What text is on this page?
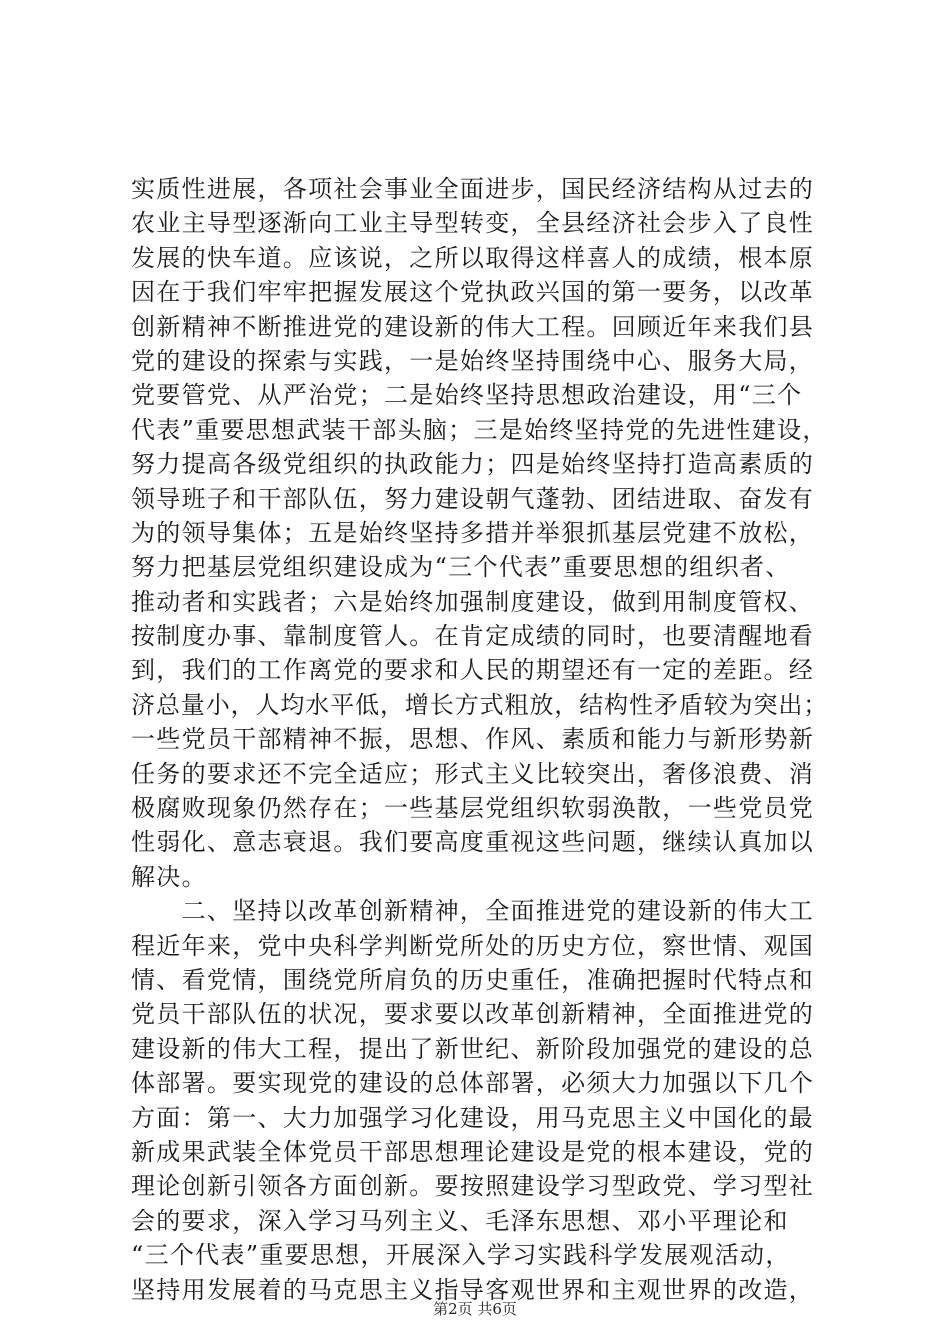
实质性进展，各项社会事业全面进步，国民经济结构从过去的
农业主导型逐渐向工业主导型转变，全县经济社会步入了良性
发展的快车道。应该说，之所以取得这样喜人的成绩，根本原
因在于我们牢牢把握发展这个党执政兴国的第一要务，以改革
创新精神不断推进党的建设新的伟大工程。回顾近年来我们县
党的建设的探索与实践，一是始终坚持围绕中心、服务大局，
党要管党、从严治党；二是始终坚持思想政治建设，用“三个
代表”重要思想武装干部头脑；三是始终坚持党的先进性建设，
努力提高各级党组织的执政能力；四是始终坚持打造高素质的
领导班子和干部队伍，努力建设朝气蓬勃、团结进取、奋发有
为的领导集体；五是始终坚持多措并举狠抓基层党建不放松，
努力把基层党组织建设成为“三个代表”重要思想的组织者、
推动者和实践者；六是始终加强制度建设，做到用制度管权、
按制度办事、靠制度管人。在肯定成绩的同时，也要清醒地看
到，我们的工作离党的要求和人民的期望还有一定的差距。经
济总量小，人均水平低，增长方式粗放，结构性矛盾较为突出；
一些党员干部精神不振，思想、作风、素质和能力与新形势新
任务的要求还不完全适应；形式主义比较突出，奢侈浪费、消
极腐败现象仍然存在；一些基层党组织软弱涣散，一些党员党
性弱化、意志衰退。我们要高度重视这些问题，继续认真加以
解决。
　　二、坚持以改革创新精神，全面推进党的建设新的伟大工
程近年来，党中央科学判断党所处的历史方位，察世情、观国
情、看党情，围绕党所肩负的历史重任，准确把握时代特点和
党员干部队伍的状况，要求要以改革创新精神，全面推进党的
建设新的伟大工程，提出了新世纪、新阶段加强党的建设的总
体部署。要实现党的建设的总体部署，必须大力加强以下几个
方面：第一、大力加强学习化建设，用马克思主义中国化的最
新成果武装全体党员干部思想理论建设是党的根本建设，党的
理论创新引领各方面创新。要按照建设学习型政党、学习型社
会的要求，深入学习马列主义、毛泽东思想、邓小平理论和
“三个代表”重要思想，开展深入学习实践科学发展观活动，
坚持用发展着的马克思主义指导客观世界和主观世界的改造，
第2页 共6页
